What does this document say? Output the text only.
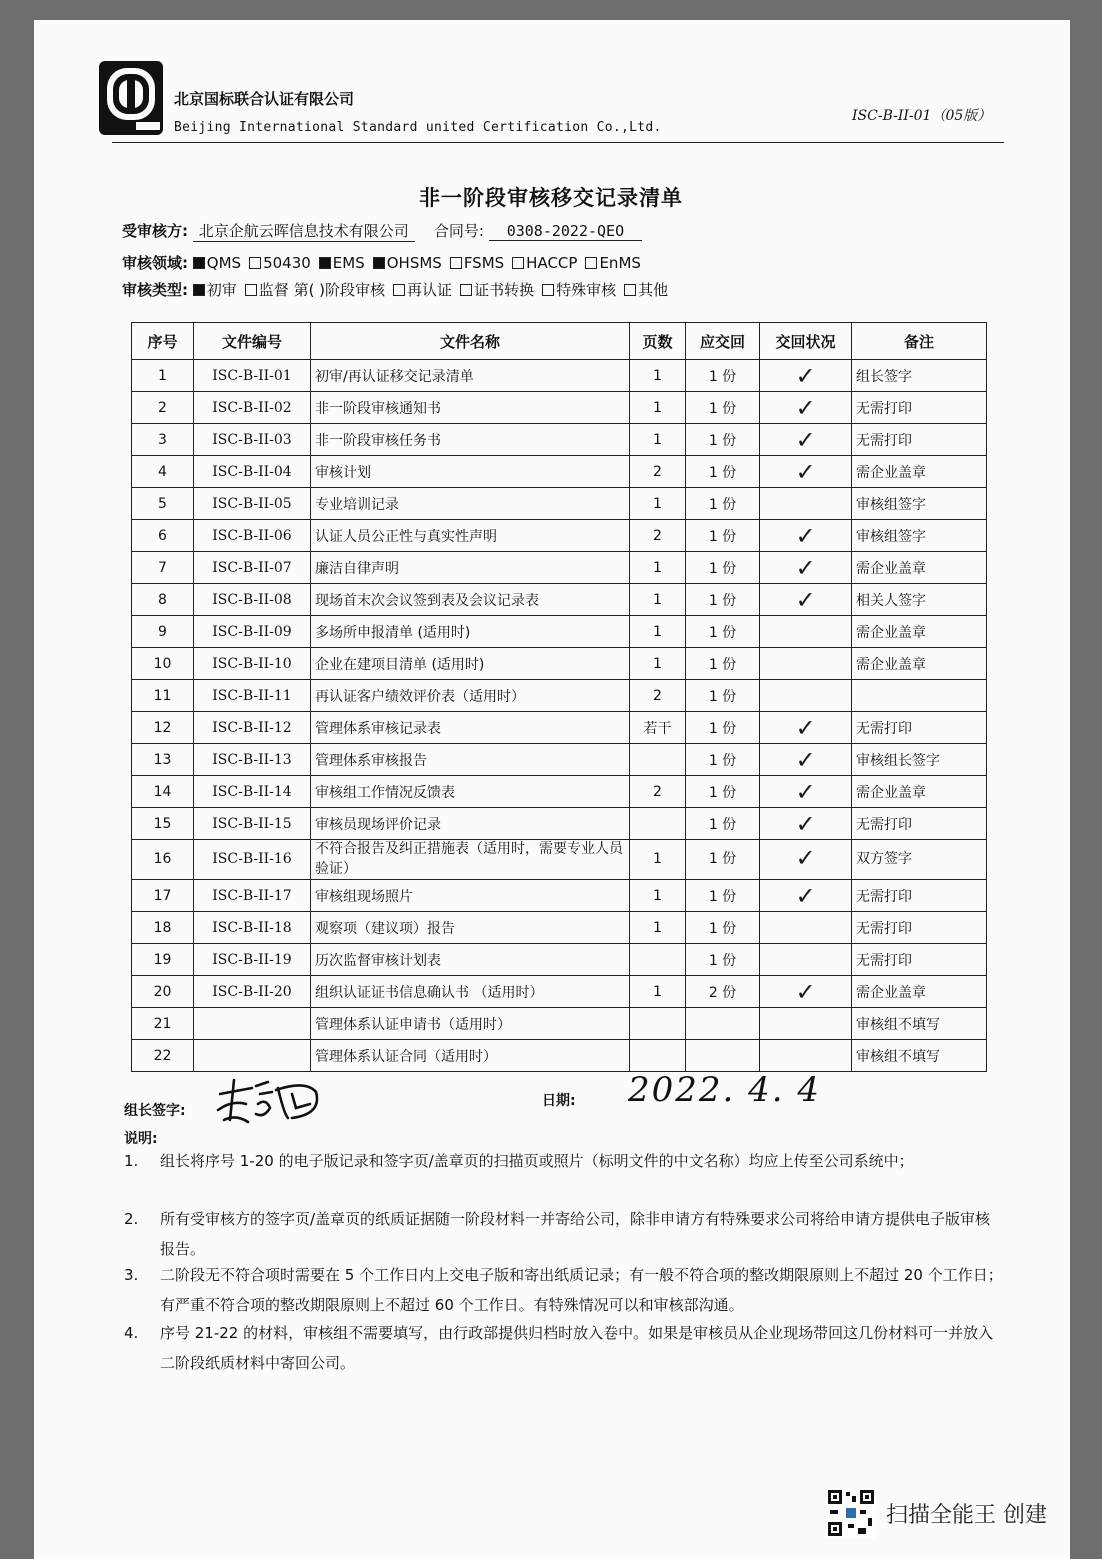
北京国标联合认证有限公司
Beijing International Standard united Certification Co.,Ltd.
ISC-B-II-01（05版）
非一阶段审核移交记录清单
受审核方: 北京企航云晖信息技术有限公司 合同号: 0308-2022-QEO
审核领域: QMS 50430 EMS OHSMS FSMS HACCP EnMS
审核类型: 初审 监督 第( )阶段审核 再认证 证书转换 特殊审核 其他
序号	文件编号	文件名称	页数	应交回	交回状况	备注
1	ISC-B-II-01	初审/再认证移交记录清单	1	1 份	✓	组长签字
2	ISC-B-II-02	非一阶段审核通知书	1	1 份	✓	无需打印
3	ISC-B-II-03	非一阶段审核任务书	1	1 份	✓	无需打印
4	ISC-B-II-04	审核计划	2	1 份	✓	需企业盖章
5	ISC-B-II-05	专业培训记录	1	1 份		审核组签字
6	ISC-B-II-06	认证人员公正性与真实性声明	2	1 份	✓	审核组签字
7	ISC-B-II-07	廉洁自律声明	1	1 份	✓	需企业盖章
8	ISC-B-II-08	现场首末次会议签到表及会议记录表	1	1 份	✓	相关人签字
9	ISC-B-II-09	多场所申报清单 (适用时)	1	1 份		需企业盖章
10	ISC-B-II-10	企业在建项目清单 (适用时)	1	1 份		需企业盖章
11	ISC-B-II-11	再认证客户绩效评价表（适用时）	2	1 份		
12	ISC-B-II-12	管理体系审核记录表	若干	1 份	✓	无需打印
13	ISC-B-II-13	管理体系审核报告		1 份	✓	审核组长签字
14	ISC-B-II-14	审核组工作情况反馈表	2	1 份	✓	需企业盖章
15	ISC-B-II-15	审核员现场评价记录		1 份	✓	无需打印
16	ISC-B-II-16	不符合报告及纠正措施表（适用时，需要专业人员验证）	1	1 份	✓	双方签字
17	ISC-B-II-17	审核组现场照片	1	1 份	✓	无需打印
18	ISC-B-II-18	观察项（建议项）报告	1	1 份		无需打印
19	ISC-B-II-19	历次监督审核计划表		1 份		无需打印
20	ISC-B-II-20	组织认证证书信息确认书 （适用时）	1	2 份	✓	需企业盖章
21		管理体系认证申请书（适用时）				审核组不填写
22		管理体系认证合同（适用时）				审核组不填写
组长签字:
日期: 2022. 4. 4
说明:
1.	组长将序号 1-20 的电子版记录和签字页/盖章页的扫描页或照片（标明文件的中文名称）均应上传至公司系统中；
2.	所有受审核方的签字页/盖章页的纸质证据随一阶段材料一并寄给公司，除非申请方有特殊要求公司将给申请方提供电子版审核报告。
3.	二阶段无不符合项时需要在 5 个工作日内上交电子版和寄出纸质记录；有一般不符合项的整改期限原则上不超过 20 个工作日；有严重不符合项的整改期限原则上不超过 60 个工作日。有特殊情况可以和审核部沟通。
4.	序号 21-22 的材料，审核组不需要填写，由行政部提供归档时放入卷中。如果是审核员从企业现场带回这几份材料可一并放入二阶段纸质材料中寄回公司。
扫描全能王 创建
